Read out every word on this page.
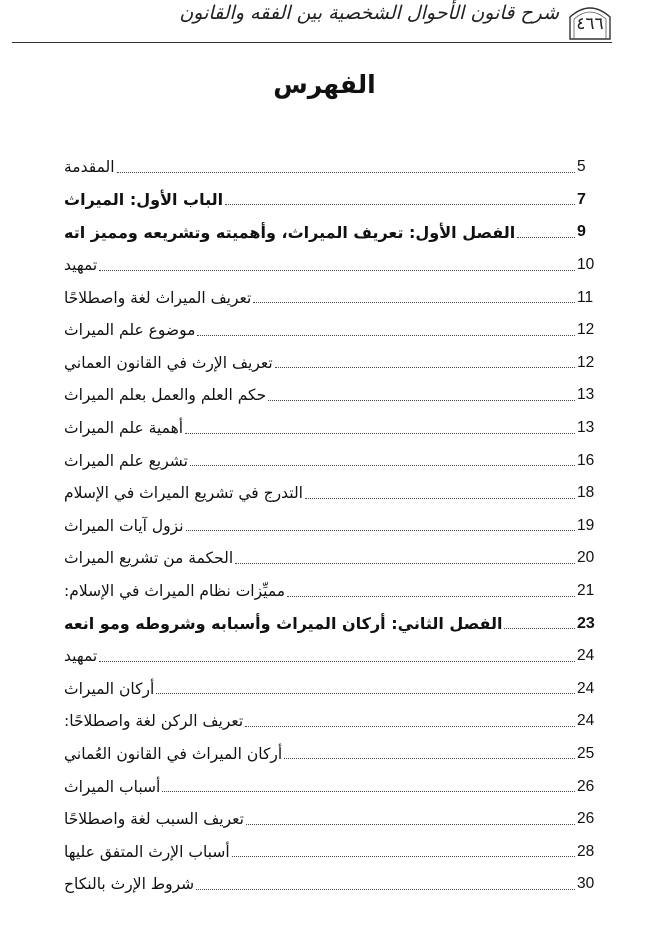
٤٦٦
شرح قانون الأحوال الشخصية بين الفقه والقانون
الفهرس
المقدمة	5
الباب الأول: الميراث	7
الفصل الأول: تعريف الميراث، وأهميته وتشريعه ومميز اته	9
تمهيد	10
تعريف الميراث لغة واصطلاحًا	11
موضوع علم الميراث	12
تعريف الإرث في القانون العماني	12
حكم العلم والعمل بعلم الميراث	13
أهمية علم الميراث	13
تشريع علم الميراث	16
التدرج في تشريع الميراث في الإسلام	18
نزول آيات الميراث	19
الحكمة من تشريع الميراث	20
مميِّزات نظام الميراث في الإسلام:	21
الفصل الثاني: أركان الميراث وأسبابه وشروطه ومو انعه	23
تمهيد	24
أركان الميراث	24
تعريف الركن لغة واصطلاحًا:	24
أركان الميراث في القانون العُماني	25
أسباب الميراث	26
تعريف السبب لغة واصطلاحًا	26
أسباب الإرث المتفق عليها	28
شروط الإرث بالنكاح	30
